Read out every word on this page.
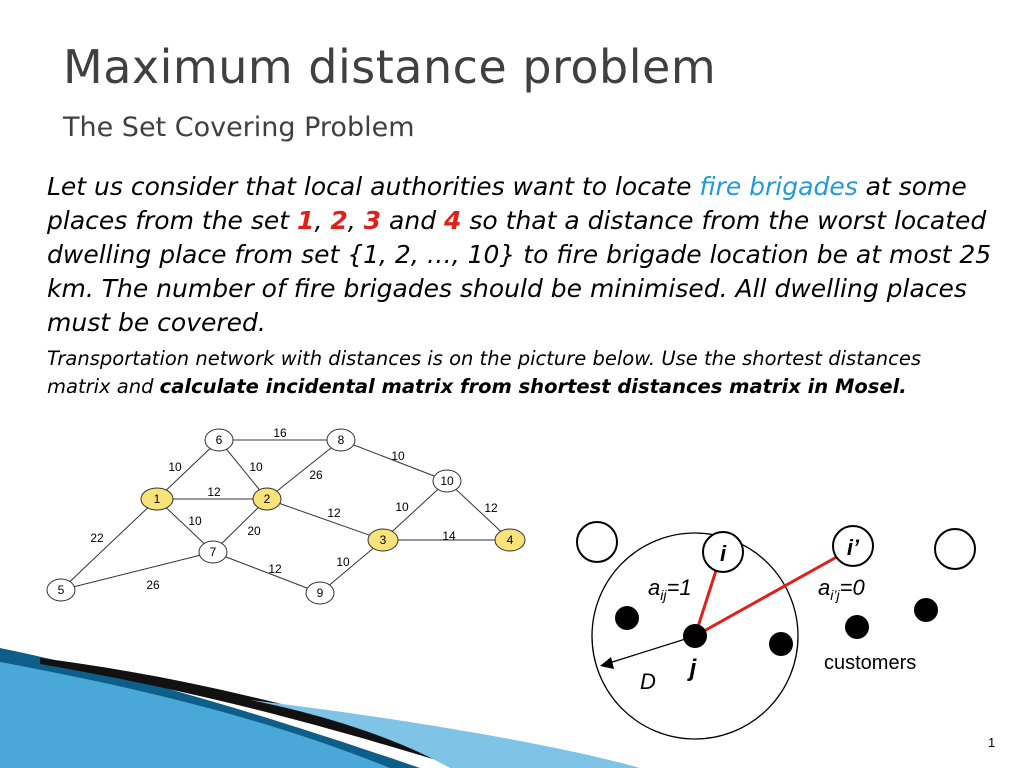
Maximum distance problem
The Set Covering Problem
Let us consider that local authorities want to locate fire brigades at some places from the set 1, 2, 3 and 4 so that a distance from the worst located dwelling place from set {1, 2, …, 10} to fire brigade location be at most 25 km. The number of fire brigades should be minimised. All dwelling places must be covered.
Transportation network with distances is on the picture below. Use the shortest distances matrix and calculate incidental matrix from shortest distances matrix in Mosel.
16
10	10
26
10
12
12
10
12
10
20	14
22
12	10
26
1	2
3	4
5
6
7
8
9
10
i	i’
j
$a_{ij}=1$	$a_{i’j}=0$
D
customers
1
